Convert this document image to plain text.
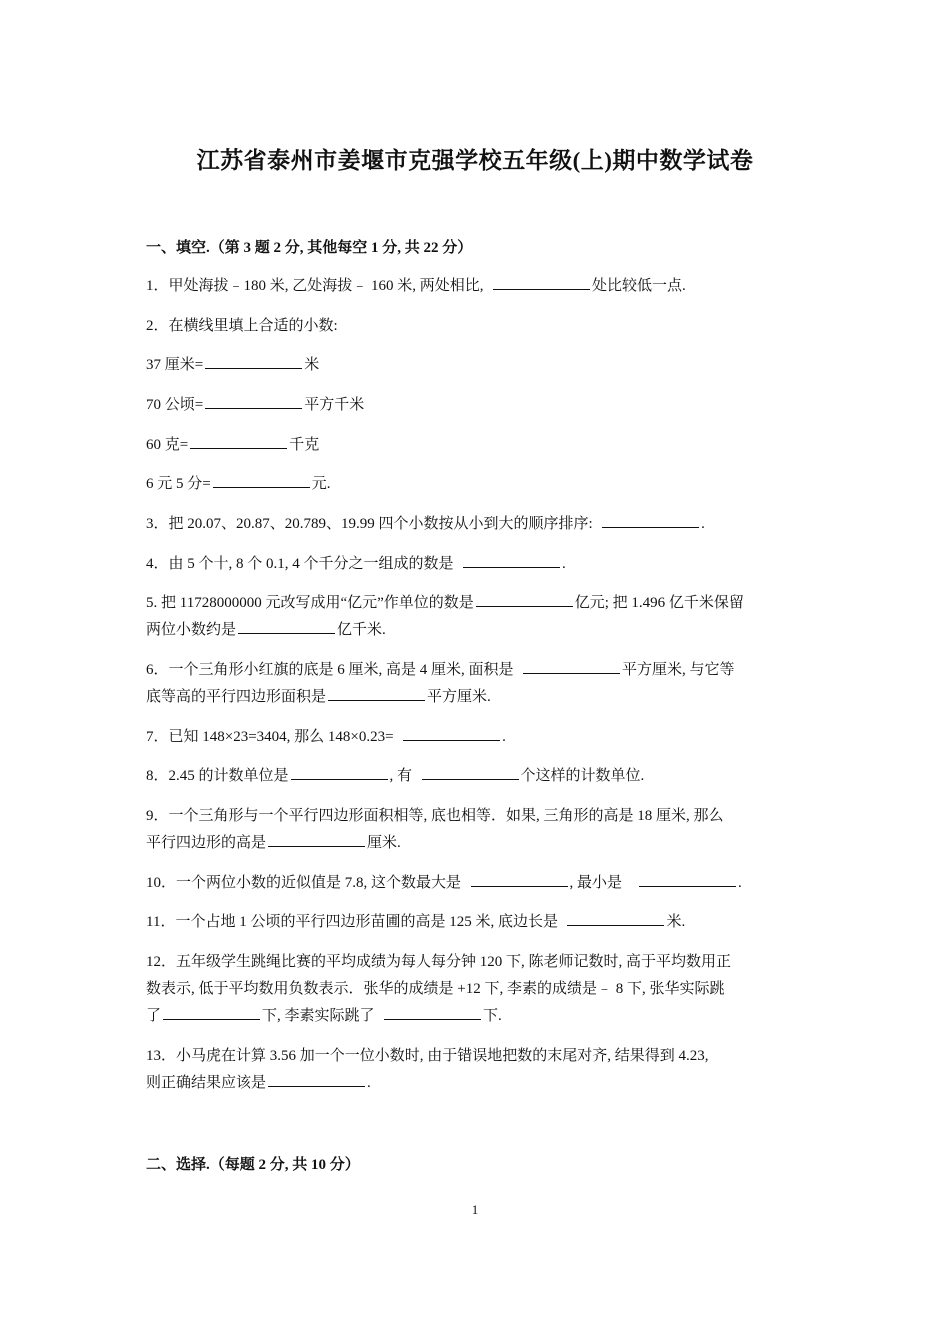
江苏省泰州市姜堰市克强学校五年级(上)期中数学试卷
一、填空.（第 3 题 2 分, 其他每空 1 分, 共 22 分）
1．甲处海拔﹣180 米, 乙处海拔﹣ 160 米, 两处相比,	处比较低一点.
2．在横线里填上合适的小数:
37 厘米=	米
70 公顷=	平方千米
60 克=	千克
6 元 5 分=	元.
3．把 20.07、20.87、20.789、19.99 四个小数按从小到大的顺序排序:	.
4．由 5 个十, 8 个 0.1, 4 个千分之一组成的数是	.
5. 把 11728000000 元改写成用“亿元”作单位的数是	亿元; 把 1.496 亿千米保留
两位小数约是	亿千米.
6．一个三角形小红旗的底是 6 厘米, 高是 4 厘米, 面积是	平方厘米, 与它等
底等高的平行四边形面积是	平方厘米.
7．已知 148×23=3404, 那么 148×0.23=	.
8．2.45 的计数单位是	, 有	个这样的计数单位.
9．一个三角形与一个平行四边形面积相等, 底也相等．如果, 三角形的高是 18 厘米, 那么
平行四边形的高是	厘米.
10．一个两位小数的近似值是 7.8, 这个数最大是	, 最小是	.
11．一个占地 1 公顷的平行四边形苗圃的高是 125 米, 底边长是	米.
12．五年级学生跳绳比赛的平均成绩为每人每分钟 120 下, 陈老师记数时, 高于平均数用正
数表示, 低于平均数用负数表示．张华的成绩是 +12 下, 李素的成绩是﹣ 8 下, 张华实际跳
了	下, 李素实际跳了	下.
13．小马虎在计算 3.56 加一个一位小数时, 由于错误地把数的末尾对齐, 结果得到 4.23,
则正确结果应该是	.
二、选择.（每题 2 分, 共 10 分）
1
